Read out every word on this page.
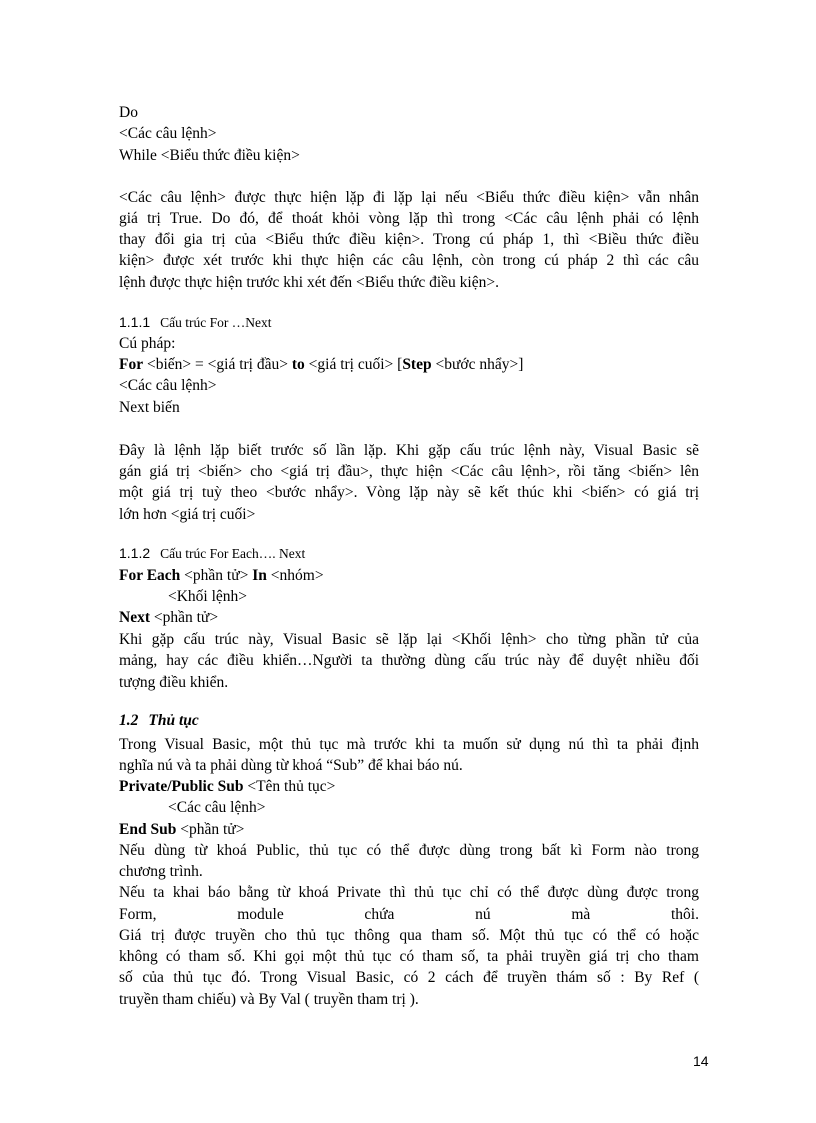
Do
<Các câu lệnh>
While <Biểu thức điều kiện>
<Các câu lệnh> được thực hiện lặp đi lặp lại nếu <Biểu thức điều kiện> vẫn nhân
giá trị True. Do đó, để thoát khỏi vòng lặp thì trong <Các câu lệnh phải có lệnh
thay đổi gia trị của <Biểu thức điều kiện>. Trong cú pháp 1, thì <Biều thức điều
kiện> được xét trước khi thực hiện các câu lệnh, còn trong cú pháp 2 thì các câu
lệnh được thực hiện trước khi xét đến <Biểu thức điều kiện>.
1.1.1 Cấu trúc For …Next
Cú pháp:
For <biến> = <giá trị đầu> to <giá trị cuối> [Step <bước nhẩy>]
<Các câu lệnh>
Next biến
Đây là lệnh lặp biết trước số lần lặp. Khi gặp cấu trúc lệnh này, Visual Basic sẽ
gán giá trị <biến> cho <giá trị đầu>, thực hiện <Các câu lệnh>, rồi tăng <biến> lên
một giá trị tuỳ theo <bước nhẩy>. Vòng lặp này sẽ kết thúc khi <biến> có giá trị
lớn hơn <giá trị cuối>
1.1.2 Cấu trúc For Each…. Next
For Each <phần tử> In <nhóm>
<Khối lệnh>
Next <phần tử>
Khi gặp cấu trúc này, Visual Basic sẽ lặp lại <Khối lệnh> cho từng phần tử của
mảng, hay các điều khiển…Người ta thường dùng cấu trúc này để duyệt nhiều đối
tượng điều khiển.
1.2 Thủ tục
Trong Visual Basic, một thủ tục mà trước khi ta muốn sử dụng nú thì ta phải định
nghĩa nú và ta phải dùng từ khoá “Sub” để khai báo nú.
Private/Public Sub <Tên thủ tục>
<Các câu lệnh>
End Sub <phần tử>
Nếu dùng từ khoá Public, thủ tục có thể được dùng trong bất kì Form nào trong
chương trình.
Nếu ta khai báo bằng từ khoá Private thì thủ tục chỉ có thể được dùng được trong
Form, module chứa nú mà thôi.
Giá trị được truyền cho thủ tục thông qua tham số. Một thủ tục có thể có hoặc
không có tham số. Khi gọi một thủ tục có tham số, ta phải truyền giá trị cho tham
số của thủ tục đó. Trong Visual Basic, có 2 cách để truyền thám số : By Ref (
truyền tham chiếu) và By Val ( truyền tham trị ).
14
